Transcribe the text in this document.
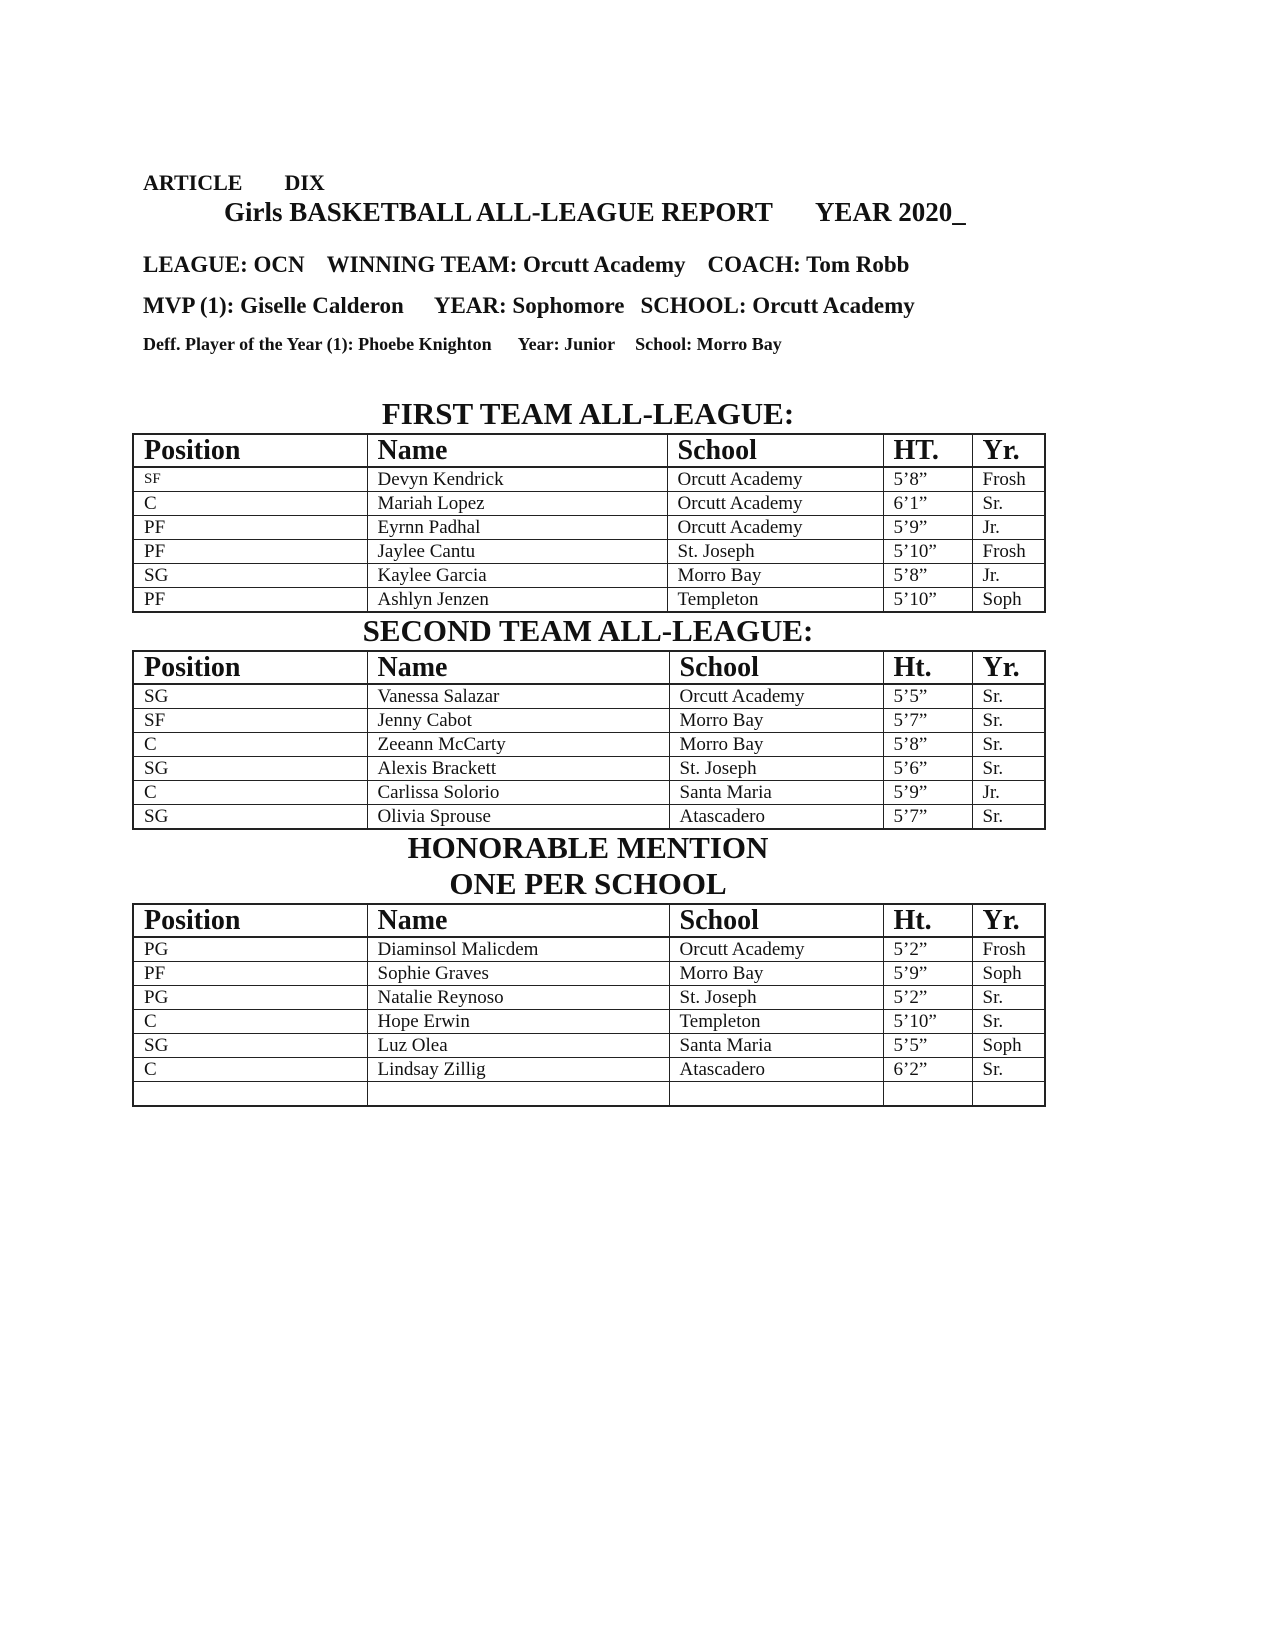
ARTICLE DIX
Girls BASKETBALL ALL-LEAGUE REPORT YEAR 2020_
LEAGUE: OCN WINNING TEAM: Orcutt Academy COACH: Tom Robb
MVP (1): Giselle Calderon YEAR: Sophomore SCHOOL: Orcutt Academy
Deff. Player of the Year (1): Phoebe Knighton Year: Junior School: Morro Bay
FIRST TEAM ALL-LEAGUE:
Position	Name	School	HT.	Yr.
SF	Devyn Kendrick	Orcutt Academy	5’8”	Frosh
C	Mariah Lopez	Orcutt Academy	6’1”	Sr.
PF	Eyrnn Padhal	Orcutt Academy	5’9”	Jr.
PF	Jaylee Cantu	St. Joseph	5’10”	Frosh
SG	Kaylee Garcia	Morro Bay	5’8”	Jr.
PF	Ashlyn Jenzen	Templeton	5’10”	Soph
SECOND TEAM ALL-LEAGUE:
Position	Name	School	Ht.	Yr.
SG	Vanessa Salazar	Orcutt Academy	5’5”	Sr.
SF	Jenny Cabot	Morro Bay	5’7”	Sr.
C	Zeeann McCarty	Morro Bay	5’8”	Sr.
SG	Alexis Brackett	St. Joseph	5’6”	Sr.
C	Carlissa Solorio	Santa Maria	5’9”	Jr.
SG	Olivia Sprouse	Atascadero	5’7”	Sr.
HONORABLE MENTION
ONE PER SCHOOL
Position	Name	School	Ht.	Yr.
PG	Diaminsol Malicdem	Orcutt Academy	5’2”	Frosh
PF	Sophie Graves	Morro Bay	5’9”	Soph
PG	Natalie Reynoso	St. Joseph	5’2”	Sr.
C	Hope Erwin	Templeton	5’10”	Sr.
SG	Luz Olea	Santa Maria	5’5”	Soph
C	Lindsay Zillig	Atascadero	6’2”	Sr.
